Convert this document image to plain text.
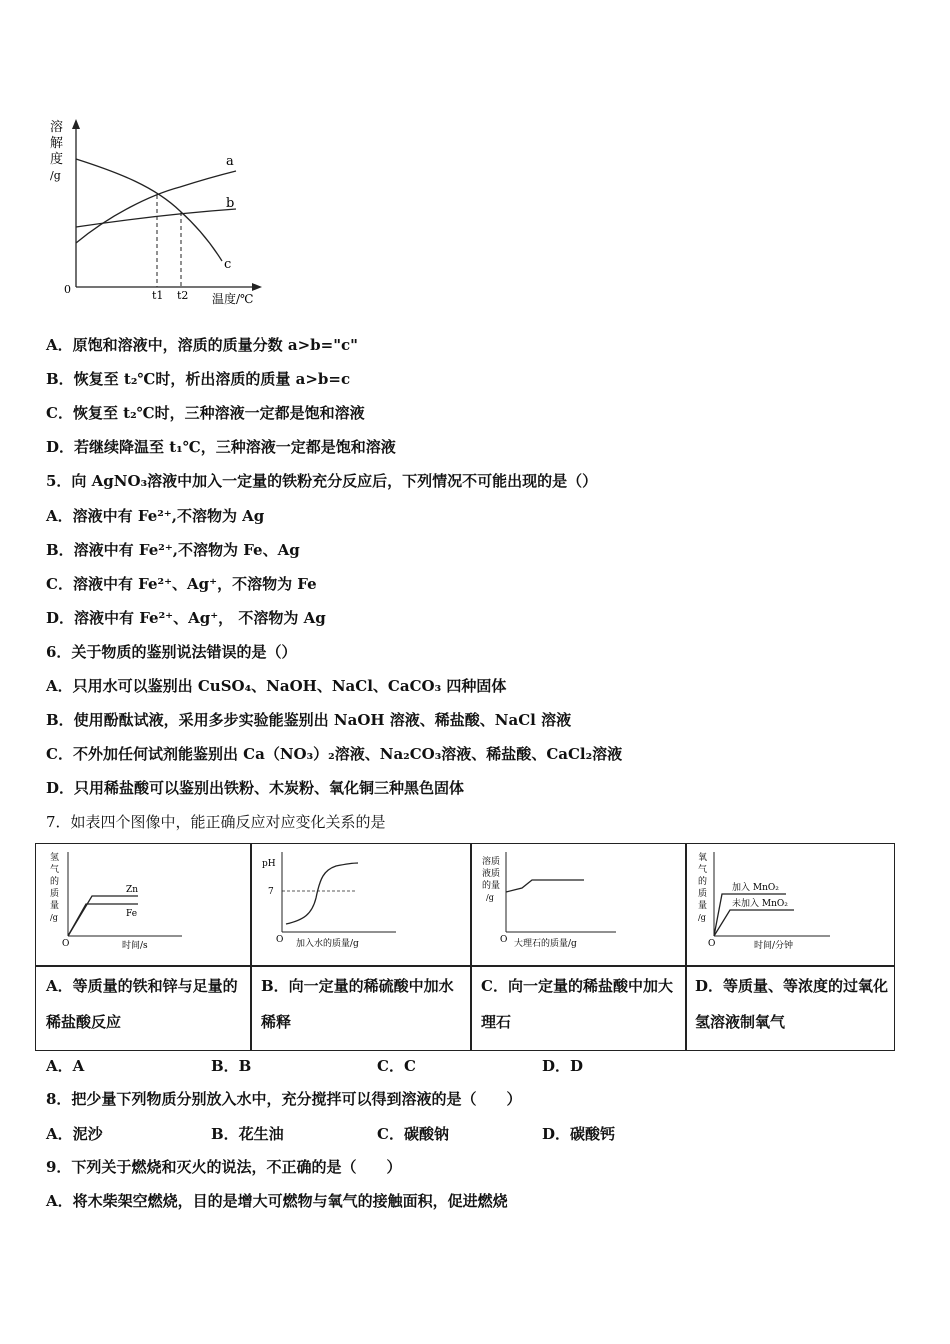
溶
解
度
/g
0
a
b
c
t1 t2 温度/℃
A．原饱和溶液中，溶质的质量分数 a>b="c"
B．恢复至 t₂℃时，析出溶质的质量 a>b=c
C．恢复至 t₂℃时，三种溶液一定都是饱和溶液
D．若继续降温至 t₁℃，三种溶液一定都是饱和溶液
5．向 AgNO₃溶液中加入一定量的铁粉充分反应后，下列情况不可能出现的是（）
A．溶液中有 Fe²⁺,不溶物为 Ag
B．溶液中有 Fe²⁺,不溶物为 Fe、Ag
C．溶液中有 Fe²⁺、Ag⁺，不溶物为 Fe
D．溶液中有 Fe²⁺、Ag⁺， 不溶物为 Ag
6．关于物质的鉴别说法错误的是（）
A．只用水可以鉴别出 CuSO₄、NaOH、NaCl、CaCO₃ 四种固体
B．使用酚酞试液，采用多步实验能鉴别出 NaOH 溶液、稀盐酸、NaCl 溶液
C．不外加任何试剂能鉴别出 Ca（NO₃）₂溶液、Na₂CO₃溶液、稀盐酸、CaCl₂溶液
D．只用稀盐酸可以鉴别出铁粉、木炭粉、氧化铜三种黑色固体
7．如表四个图像中，能正确反应对应变化关系的是
氢
气
的
质
量
/g
O
Zn
Fe
时间/s
pH
7
O 加入水的质量/g
溶质
液质
的量
/g
O 大理石的质量/g
氧
气
的
质
量
/g
加入 MnO₂
未加入 MnO₂
O	时间/分钟
A．等质量的铁和锌与足量的稀盐酸反应
B．向一定量的稀硫酸中加水稀释
C．向一定量的稀盐酸中加大理石
D．等质量、等浓度的过氧化氢溶液制氧气
A．A	B．B	C．C	D．D
8．把少量下列物质分别放入水中，充分搅拌可以得到溶液的是（　　）
A．泥沙	B．花生油	C．碳酸钠	D．碳酸钙
9．下列关于燃烧和灭火的说法，不正确的是（　　）
A．将木柴架空燃烧，目的是增大可燃物与氧气的接触面积，促进燃烧
